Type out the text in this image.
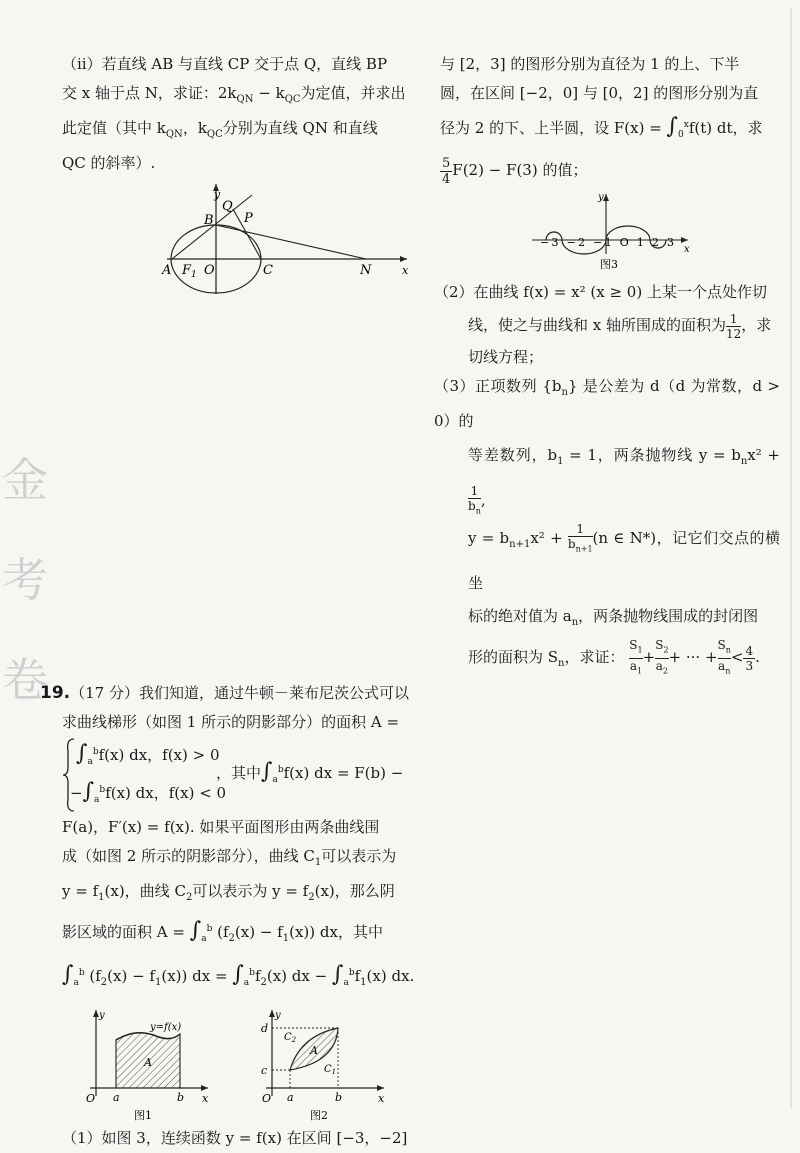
金
考
卷

（ii）若直线 AB 与直线 CP 交于点 Q，直线 BP

交 x 轴于点 N，求证：$2k_{QN} - k_{QC}$为定值，并求出

此定值（其中 $k_{QN}$，$k_{QC}$分别为直线 QN 和直线

QC 的斜率）.

y
x
A $F_1$ O
B
Q
P
C	N

19.（17 分）我们知道，通过牛顿－莱布尼茨公式可以

求曲线梯形（如图 1 所示的阴影部分）的面积 A =

$\int_a^bf(x)$ dx，f(x) > 0
$-\int_a^bf(x)$ dx，f(x) < 0
，其中$\int_a^bf(x)$ dx = F(b) −

F(a)，F′(x) = f(x). 如果平面图形由两条曲线围

成（如图 2 所示的阴影部分），曲线 $C_1$可以表示为

$y = f_1(x)$，曲线 $C_2$可以表示为 $y = f_2(x)$，那么阴

影区域的面积 $A = \int_a^b$ $(f_2(x) - f_1(x))$ dx，其中

$\int_a^b$ $(f_2(x) - f_1(x))$ dx = $\int_a^bf_2(x)$ dx − $\int_a^bf_1(x)$ dx.

y
y=f(x)
A
O a	b x
图1
y
d
c
$C_2$
A
$C_1$
O a	b	x
图2

（1）如图 3，连续函数 y = f(x) 在区间 [−3，−2]

与 [2，3] 的图形分别为直径为 1 的上、下半

圆，在区间 [−2，0] 与 [0，2] 的图形分别为直

径为 2 的下、上半圆，设 $F(x) = \int_0^xf(t)$ dt，求

$\frac{5}{4} F(2) - F(3)$ 的值；

y
x
−3 −2 −1 O 1 2 3
图3

（2）在曲线 f(x) = x² (x ≥ 0) 上某一个点处作切

线，使之与曲线和 x 轴所围成的面积为 $\frac{1}{12}$ ，求

切线方程；

（3）正项数列 $\{b_n\}$ 是公差为 d（d 为常数，d > 0）的

等差数列，$b_1 = 1$，两条抛物线 $y = b_nx^2$ +
$\frac{1}{b_n}$ ,

$y = b_{n+1}x^2 + \frac{1}{b_{n+1}} (n$ ∈ N*)，记它们交点的横坐

标的绝对值为 $a_n$，两条抛物线围成的封闭图

形的面积为 $S_n$，求证： $\frac{S_1}{a_1} + \frac{S_2}{a_2}$ + ··· + $\frac{S_n}{a_n} < \frac{4}{3}$ .
